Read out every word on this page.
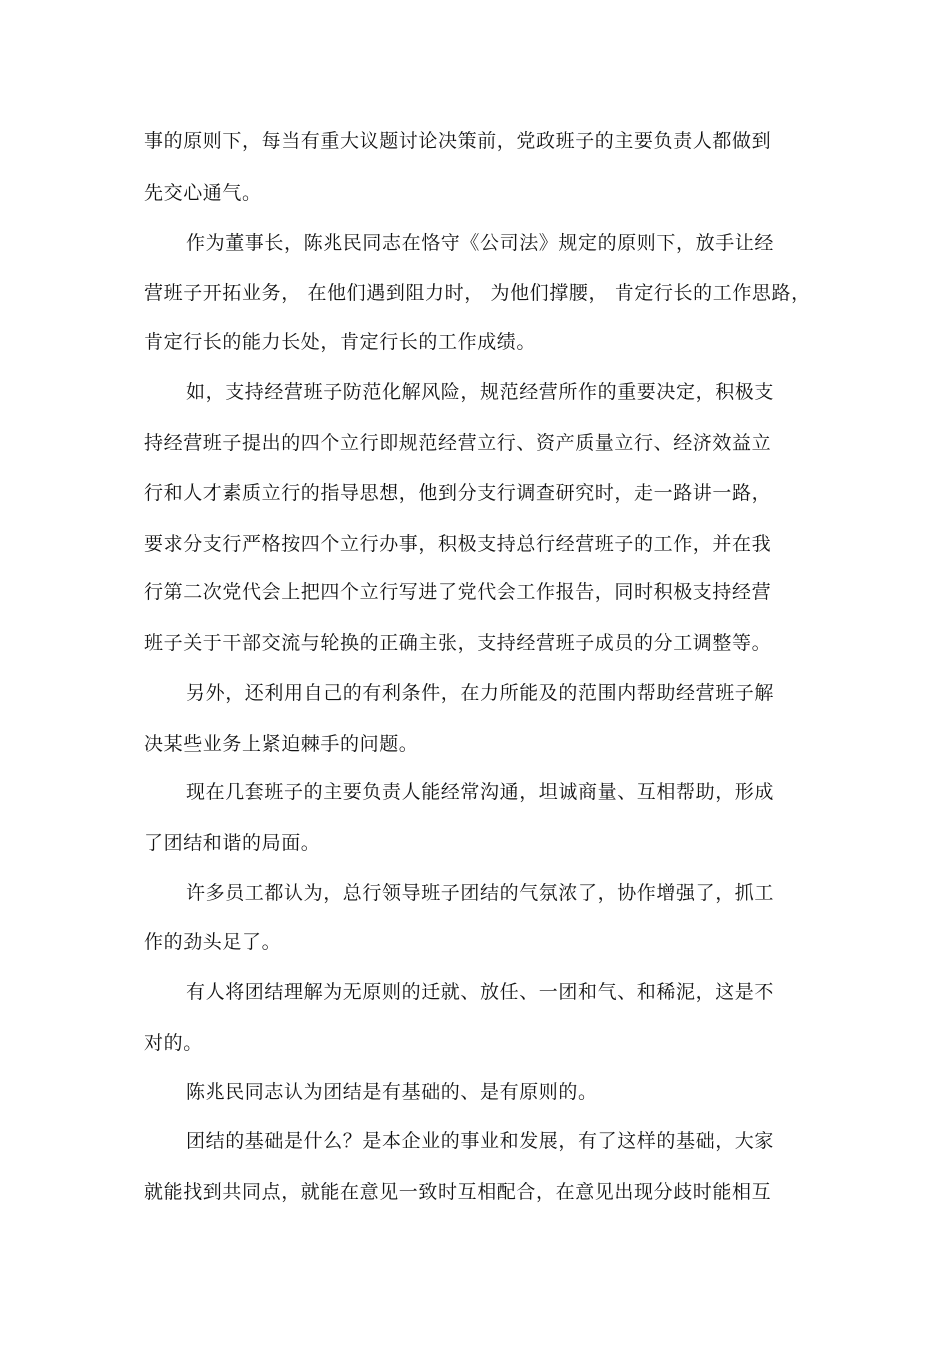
事的原则下，每当有重大议题讨论决策前，党政班子的主要负责人都做到
先交心通气。
作为董事长，陈兆民同志在恪守《公司法》规定的原则下，放手让经
营班子开拓业务， 在他们遇到阻力时， 为他们撑腰， 肯定行长的工作思路，
肯定行长的能力长处，肯定行长的工作成绩。
如，支持经营班子防范化解风险，规范经营所作的重要决定，积极支
持经营班子提出的四个立行即规范经营立行、资产质量立行、经济效益立
行和人才素质立行的指导思想，他到分支行调查研究时，走一路讲一路，
要求分支行严格按四个立行办事，积极支持总行经营班子的工作，并在我
行第二次党代会上把四个立行写进了党代会工作报告，同时积极支持经营
班子关于干部交流与轮换的正确主张，支持经营班子成员的分工调整等。
另外，还利用自己的有利条件，在力所能及的范围内帮助经营班子解
决某些业务上紧迫棘手的问题。
现在几套班子的主要负责人能经常沟通，坦诚商量、互相帮助，形成
了团结和谐的局面。
许多员工都认为，总行领导班子团结的气氛浓了，协作增强了，抓工
作的劲头足了。
有人将团结理解为无原则的迁就、放任、一团和气、和稀泥，这是不
对的。
陈兆民同志认为团结是有基础的、是有原则的。
团结的基础是什么？是本企业的事业和发展，有了这样的基础，大家
就能找到共同点，就能在意见一致时互相配合，在意见出现分歧时能相互
